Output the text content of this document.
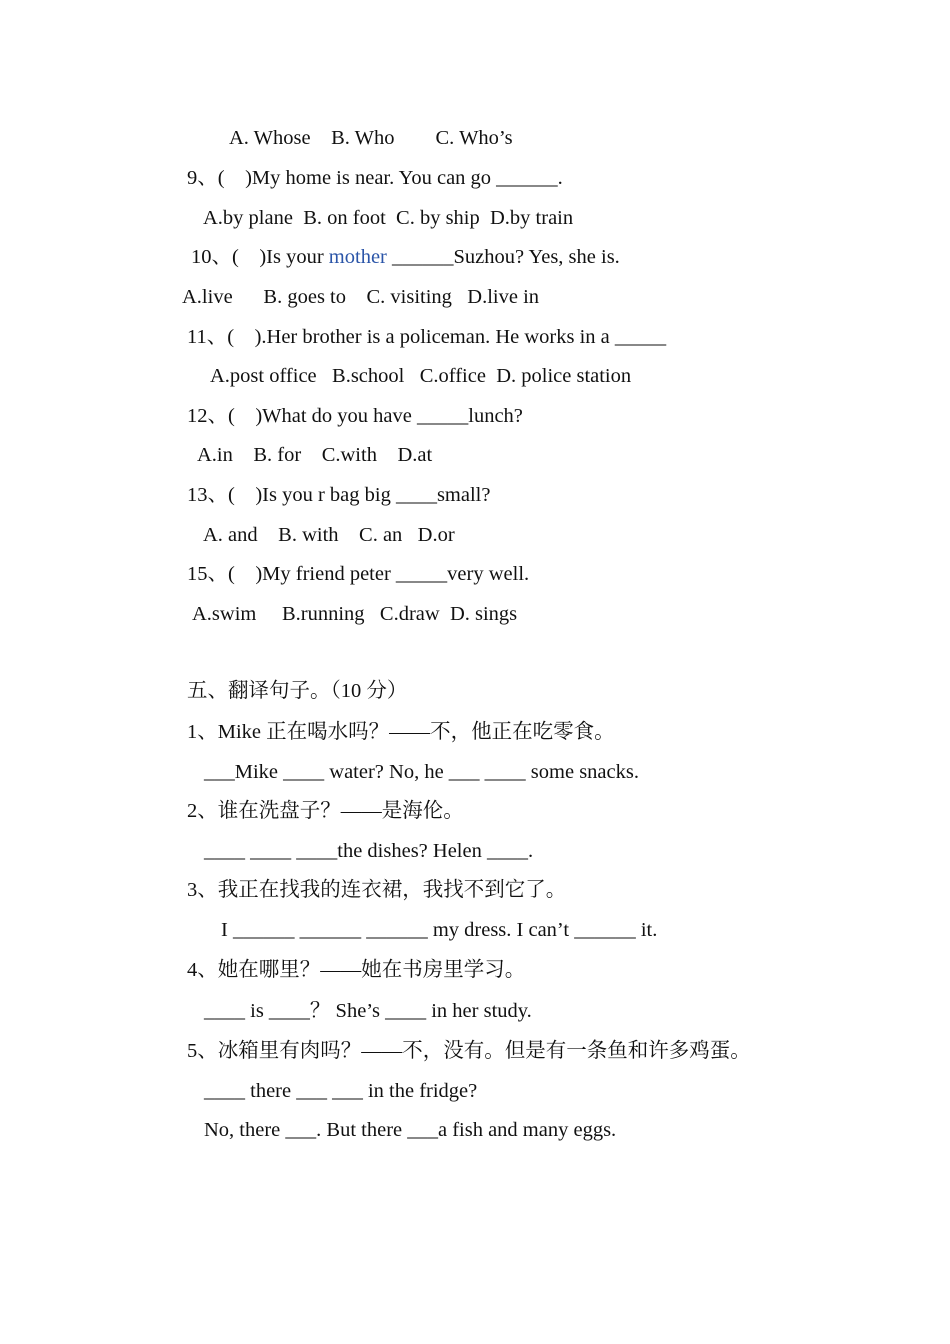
A. Whose    B. Who        C. Who’s
9、(    )My home is near. You can go ______.
A.by plane  B. on foot  C. by ship  D.by train
10、(    )Is your mother ______Suzhou? Yes, she is.
A.live      B. goes to    C. visiting   D.live in
11、(    ).Her brother is a policeman. He works in a _____
A.post office   B.school   C.office  D. police station
12、(    )What do you have _____lunch?
A.in    B. for    C.with    D.at
13、(    )Is you r bag big ____small?
A. and    B. with    C. an   D.or
15、(    )My friend peter _____very well.
A.swim     B.running   C.draw  D. sings
五、翻译句子。（10 分）
1、Mike 正在喝水吗？——不，他正在吃零食。
___Mike ____ water? No, he ___ ____ some snacks.
2、谁在洗盘子？——是海伦。
____ ____ ____the dishes? Helen ____.
3、我正在找我的连衣裙，我找不到它了。
I ______ ______ ______ my dress. I can’t ______ it.
4、她在哪里？——她在书房里学习。
____ is ____？ She’s ____ in her study.
5、冰箱里有肉吗？——不，没有。但是有一条鱼和许多鸡蛋。
____ there ___ ___ in the fridge?
No, there ___. But there ___a fish and many eggs.
